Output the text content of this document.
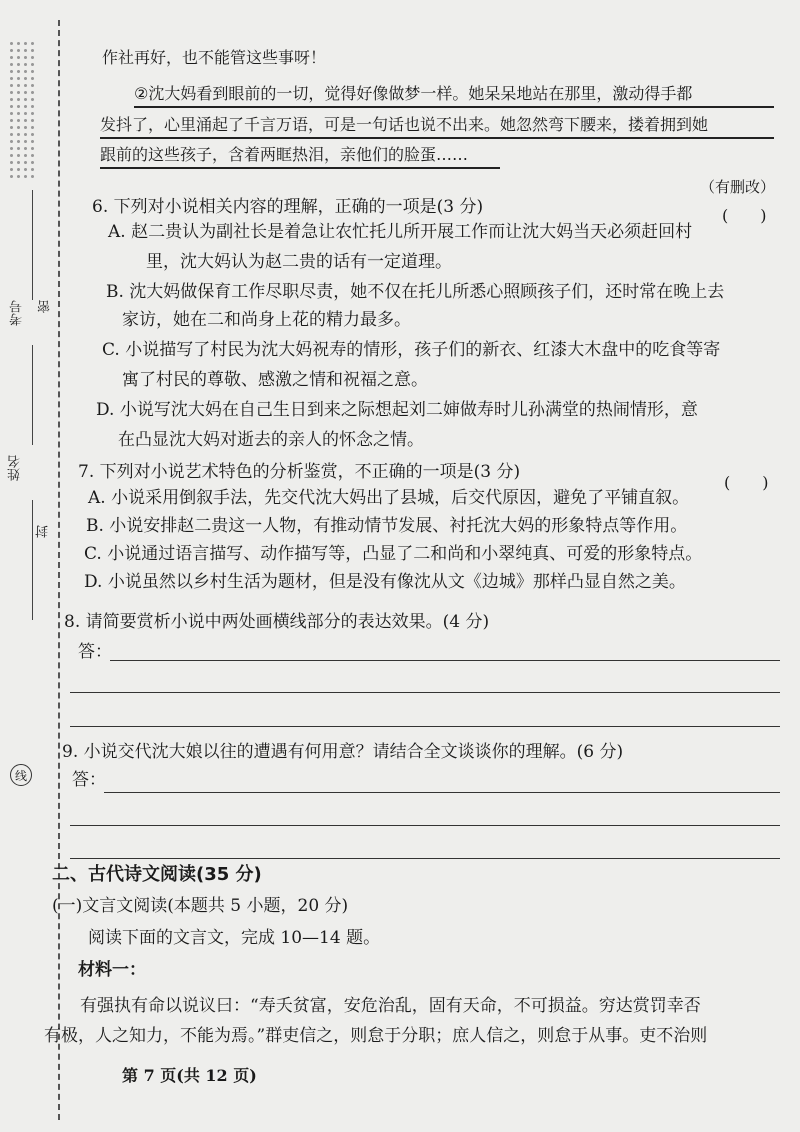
考号 密
姓名
封
线
作社再好，也不能管这些事呀！
②沈大妈看到眼前的一切，觉得好像做梦一样。她呆呆地站在那里，激动得手都
发抖了，心里涌起了千言万语，可是一句话也说不出来。她忽然弯下腰来，搂着拥到她
跟前的这些孩子，含着两眶热泪，亲他们的脸蛋……
（有删改）
6. 下列对小说相关内容的理解，正确的一项是(3 分)	(　　)
A. 赵二贵认为副社长是着急让农忙托儿所开展工作而让沈大妈当天必须赶回村
里，沈大妈认为赵二贵的话有一定道理。
B. 沈大妈做保育工作尽职尽责，她不仅在托儿所悉心照顾孩子们，还时常在晚上去
家访，她在二和尚身上花的精力最多。
C. 小说描写了村民为沈大妈祝寿的情形，孩子们的新衣、红漆大木盘中的吃食等寄
寓了村民的尊敬、感激之情和祝福之意。
D. 小说写沈大妈在自己生日到来之际想起刘二婶做寿时儿孙满堂的热闹情形，意
在凸显沈大妈对逝去的亲人的怀念之情。
7. 下列对小说艺术特色的分析鉴赏，不正确的一项是(3 分)
(　　)
A. 小说采用倒叙手法，先交代沈大妈出了县城，后交代原因，避免了平铺直叙。
B. 小说安排赵二贵这一人物，有推动情节发展、衬托沈大妈的形象特点等作用。
C. 小说通过语言描写、动作描写等，凸显了二和尚和小翠纯真、可爱的形象特点。
D. 小说虽然以乡村生活为题材，但是没有像沈从文《边城》那样凸显自然之美。
8. 请简要赏析小说中两处画横线部分的表达效果。(4 分)
答：
9. 小说交代沈大娘以往的遭遇有何用意？请结合全文谈谈你的理解。(6 分)
答：
二、古代诗文阅读(35 分)
(一)文言文阅读(本题共 5 小题，20 分)
阅读下面的文言文，完成 10—14 题。
材料一：
有强执有命以说议曰：“寿夭贫富，安危治乱，固有天命，不可损益。穷达赏罚幸否
有极，人之知力，不能为焉。”群吏信之，则怠于分职；庶人信之，则怠于从事。吏不治则
第 7 页(共 12 页)
